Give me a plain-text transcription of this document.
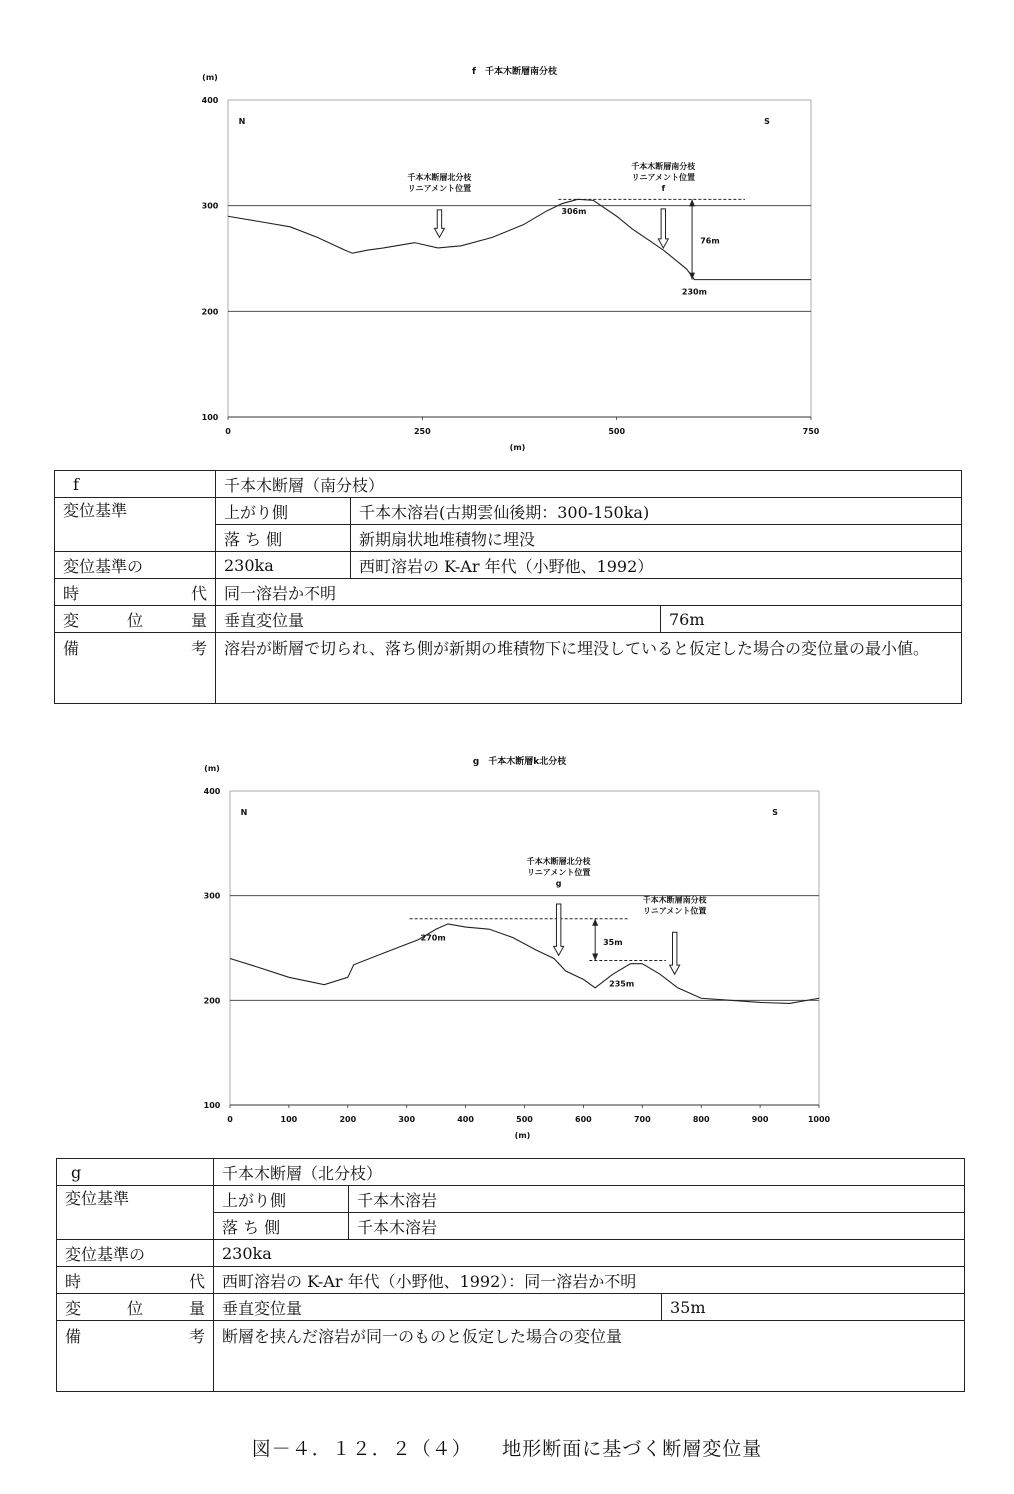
f　千本木断層南分枝
(m)
(m)
100
200
300
400
0	250	500	750
N	S
306m
230m
76m
千本木断層北分枝
リニアメント位置
千本木断層南分枝
リニアメント位置
f
g　千本木断層k北分枝
(m)
(m)
100
200
300
400
0	100	200	300	400	500	600	700	800	900	1000
N	S
270m
235m
35m
千本木断層北分枝
リニアメント位置
g
千本木断層南分枝
リニアメント位置
f	千本木断層（南分枝）		
変位基準	上がり側	千本木溶岩(古期雲仙後期：300-150ka)	
	落 ち 側	新期扇状地堆積物に埋没	
変位基準の	230ka	西町溶岩の K-Ar 年代（小野他、1992）	

時 代	同一溶岩か不明		

変 位 量	垂直変位量		76m

備 考	溶岩が断層で切られ、落ち側が新期の堆積物下に埋没していると仮定した場合の変位量の最小値。		
g	千本木断層（北分枝）		
変位基準	上がり側	千本木溶岩	
	落 ち 側	千本木溶岩	
変位基準の	230ka		

時 代	西町溶岩の K-Ar 年代（小野他、1992）：同一溶岩か不明		

変 位 量	垂直変位量		35m

備 考	断層を挟んだ溶岩が同一のものと仮定した場合の変位量		
図－４．１２．２（４）　　地形断面に基づく断層変位量
